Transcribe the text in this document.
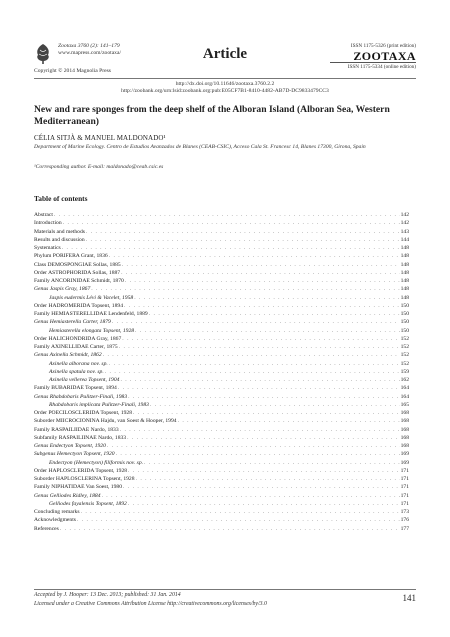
Zootaxa 3760 (2): 141–179
www.mapress.com/zootaxa/
Copyright © 2014 Magnolia Press
Article	ISSN 1175-5326 (print edition)
ZOOTAXA
ISSN 1175-5334 (online edition)
http://dx.doi.org/10.11646/zootaxa.3760.2.2
http://zoobank.org/urn:lsid:zoobank.org:pub:E05CF7B1-8410-4482-AB7D-DC9833479CC3
New and rare sponges from the deep shelf of the Alboran Island (Alboran Sea, Western Mediterranean)
CÉLIA SITJÀ & MANUEL MALDONADO¹
Department of Marine Ecology. Centro de Estudios Avanzados de Blanes (CEAB-CSIC), Acceso Cala St. Francesc 14, Blanes 17300, Girona, Spain
¹Corresponding author. E-mail: maldonado@ceab.csic.es
Table of contents
Abstract . . .	142
Introduction . . .	142
Materials and methods . . .	143
Results and discussion . . .	144
Systematics . . .	148
Phylum PORIFERA Grant, 1836 . . .	148
Class DEMOSPONGIAE Sollas, 1885 . . .	148
Order ASTROPHORIDA Sollas, 1887 . . .	148
Family ANCORINIDAE Schmidt, 1870 . . .	148
Genus Jaspis Gray, 1867 . . .	148
Jaspis eudermis Lévi & Vacelet, 1958 . . .	148
Order HADROMERIDA Topsent, 1894 . . .	150
Family HEMIASTERELLIDAE Lendenfeld, 1889 . . .	150
Genus Hemiasterella Carter, 1879 . . .	150
Hemiasterella elongata Topsent, 1928 . . .	150
Order HALICHONDRIDA Gray, 1867 . . .	152
Family AXINELLIDAE Carter, 1875 . . .	152
Genus Axinella Schmidt, 1862 . . .	152
Axinella alborana nov. sp. . . .	152
Axinella spatula nov. sp. . . .	159
Axinella vellerea Topsent, 1904 . . .	162
Family BUBARIDAE Topsent, 1894 . . .	164
Genus Rhabdobaris Pulitzer-Finali, 1983 . . .	164
Rhabdobaris implicata Pulitzer-Finali, 1983 . . .	165
Order POECILOSCLERIDA Topsent, 1928 . . .	168
Suborder MIICROCIONINA Hajdu, van Soest & Hooper, 1994 . . .	168
Family RASPAILIIDAE Nardo, 1833 . . .	168
Subfamily RASPAILIINAE Nardo, 1833 . . .	168
Genus Endectyon Topsent, 1920 . . .	168
Subgenus Hemectyon Topsent, 1920 . . .	169
Endectyon (Hemectyon) filiformis nov. sp. . . .	169
Order HAPLOSCLERIDA Topsent, 1928 . . .	171
Suborder HAPLOSCLERINA Topsent, 1928 . . .	171
Family NIPHATIDAE Van Soest, 1980 . . .	171
Genus Gelliodes Ridley, 1884 . . .	171
Gelliodes fayalensis Topsent, 1892 . . .	171
Concluding remarks . . .	173
Acknowledgments . . .	176
References . . .	177
Accepted by J. Hooper: 13 Dec. 2013; published: 31 Jan. 2014
Licensed under a Creative Commons Attribution License http://creativecommons.org/licenses/by/3.0
141
